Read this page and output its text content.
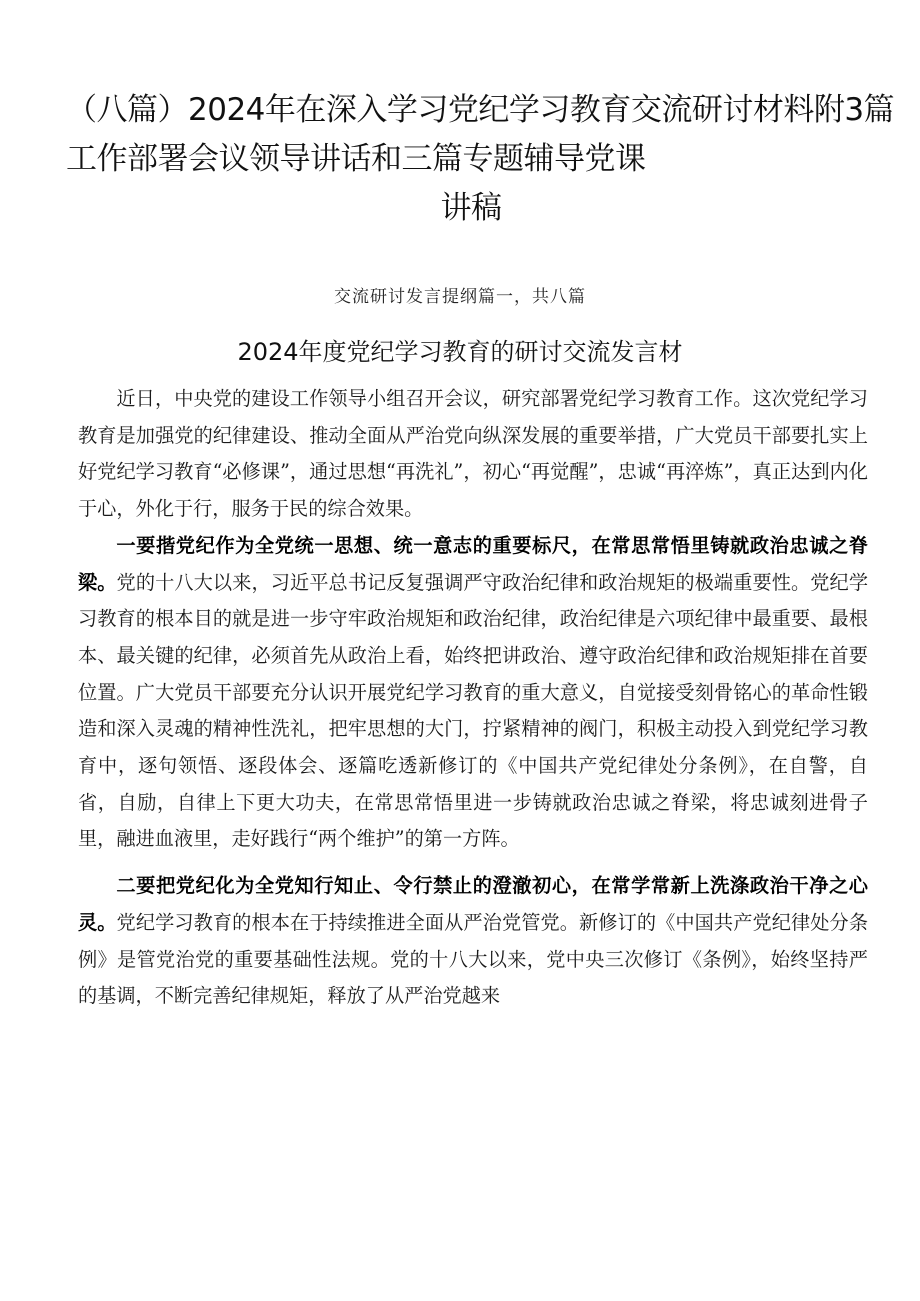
（八篇）2024年在深入学习党纪学习教育交流研讨材料附3篇
工作部署会议领导讲话和三篇专题辅导党课
讲稿
交流研讨发言提纲篇一，共八篇
2024年度党纪学习教育的研讨交流发言材

近日，中央党的建设工作领导小组召开会议，研究部署党纪学习教育工作。这次党纪学习教育是加强党的纪律建设、推动全面从严治党向纵深发展的重要举措，广大党员干部要扎实上好党纪学习教育“必修课”，通过思想“再洗礼”，初心“再觉醒”，忠诚“再淬炼”，真正达到内化于心，外化于行，服务于民的综合效果。

一要揩党纪作为全党统一思想、统一意志的重要标尺，在常思常悟里铸就政治忠诚之脊梁。党的十八大以来，习近平总书记反复强调严守政治纪律和政治规矩的极端重要性。党纪学习教育的根本目的就是进一步守牢政治规矩和政治纪律，政治纪律是六项纪律中最重要、最根本、最关键的纪律，必须首先从政治上看，始终把讲政治、遵守政治纪律和政治规矩排在首要位置。广大党员干部要充分认识开展党纪学习教育的重大意义，自觉接受刻骨铭心的革命性锻造和深入灵魂的精神性洗礼，把牢思想的大门，拧紧精神的阀门，积极主动投入到党纪学习教育中，逐句领悟、逐段体会、逐篇吃透新修订的《中国共产党纪律处分条例》，在自警，自省，自励，自律上下更大功夫，在常思常悟里进一步铸就政治忠诚之脊梁，将忠诚刻进骨子里，融进血液里，走好践行“两个维护”的第一方阵。

二要把党纪化为全党知行知止、令行禁止的澄澈初心，在常学常新上洗涤政治干净之心灵。党纪学习教育的根本在于持续推进全面从严治党管党。新修订的《中国共产党纪律处分条例》是管党治党的重要基础性法规。党的十八大以来，党中央三次修订《条例》，始终坚持严的基调，不断完善纪律规矩，释放了从严治党越来
